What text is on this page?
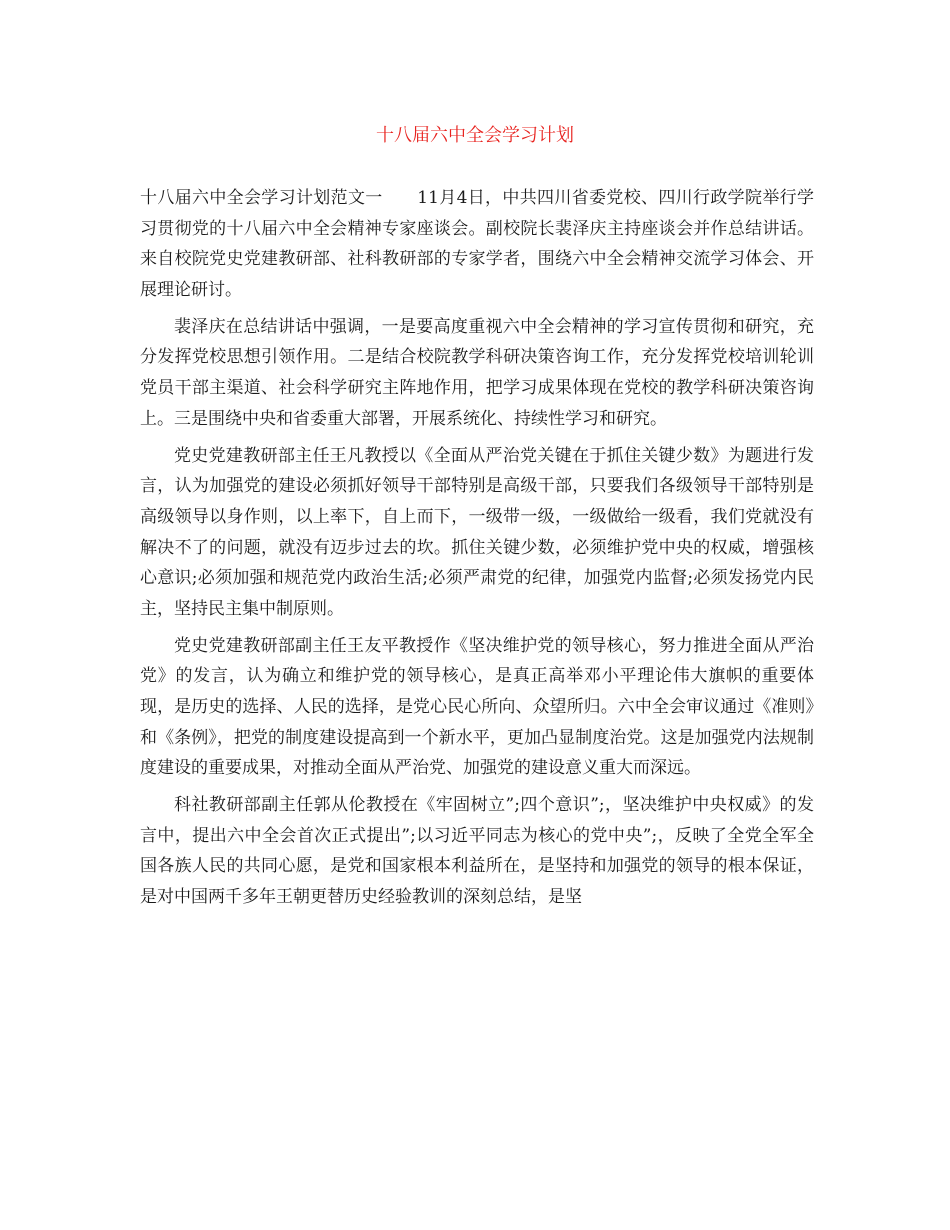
十八届六中全会学习计划

十八届六中全会学习计划范文一　　11月4日，中共四川省委党校、四川行政学院举行学习贯彻党的十八届六中全会精神专家座谈会。副校院长裴泽庆主持座谈会并作总结讲话。来自校院党史党建教研部、社科教研部的专家学者，围绕六中全会精神交流学习体会、开展理论研讨。

裴泽庆在总结讲话中强调，一是要高度重视六中全会精神的学习宣传贯彻和研究，充分发挥党校思想引领作用。二是结合校院教学科研决策咨询工作，充分发挥党校培训轮训党员干部主渠道、社会科学研究主阵地作用，把学习成果体现在党校的教学科研决策咨询上。三是围绕中央和省委重大部署，开展系统化、持续性学习和研究。

党史党建教研部主任王凡教授以《全面从严治党关键在于抓住关键少数》为题进行发言，认为加强党的建设必须抓好领导干部特别是高级干部，只要我们各级领导干部特别是高级领导以身作则，以上率下，自上而下，一级带一级，一级做给一级看，我们党就没有解决不了的问题，就没有迈步过去的坎。抓住关键少数，必须维护党中央的权威，增强核心意识;必须加强和规范党内政治生活;必须严肃党的纪律，加强党内监督;必须发扬党内民主，坚持民主集中制原则。

党史党建教研部副主任王友平教授作《坚决维护党的领导核心，努力推进全面从严治党》的发言，认为确立和维护党的领导核心，是真正高举邓小平理论伟大旗帜的重要体现，是历史的选择、人民的选择，是党心民心所向、众望所归。六中全会审议通过《准则》和《条例》，把党的制度建设提高到一个新水平，更加凸显制度治党。这是加强党内法规制度建设的重要成果，对推动全面从严治党、加强党的建设意义重大而深远。

科社教研部副主任郭从伦教授在《牢固树立”;四个意识”;，坚决维护中央权威》的发言中，提出六中全会首次正式提出”;以习近平同志为核心的党中央”;，反映了全党全军全国各族人民的共同心愿，是党和国家根本利益所在，是坚持和加强党的领导的根本保证，是对中国两千多年王朝更替历史经验教训的深刻总结，是坚
